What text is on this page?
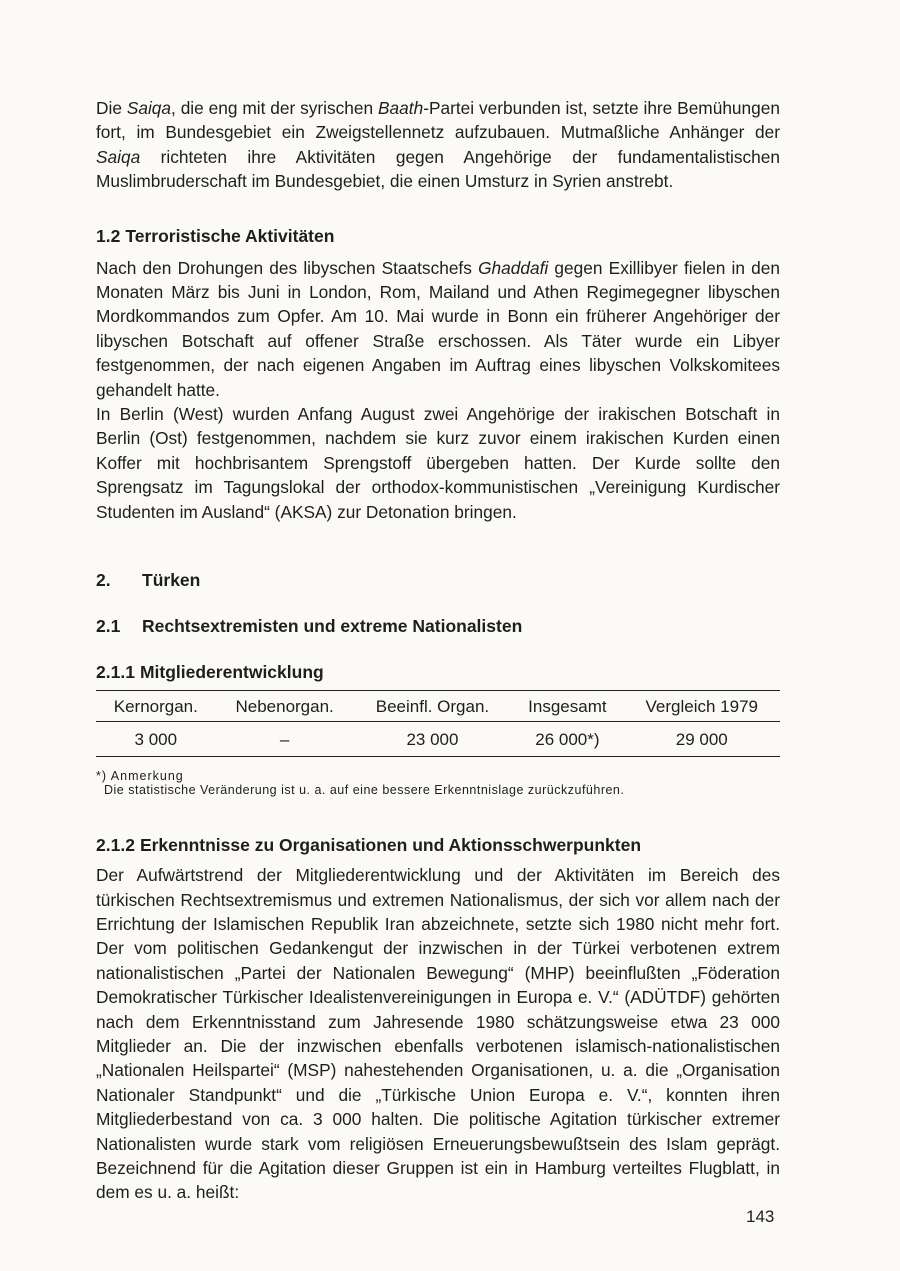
Die Saiqa, die eng mit der syrischen Baath-Partei verbunden ist, setzte ihre Bemühungen fort, im Bundesgebiet ein Zweigstellennetz aufzubauen. Mutmaßliche Anhänger der Saiqa richteten ihre Aktivitäten gegen Angehörige der fundamentalistischen Muslimbruderschaft im Bundesgebiet, die einen Umsturz in Syrien anstrebt.

1.2 Terroristische Aktivitäten

Nach den Drohungen des libyschen Staatschefs Ghaddafi gegen Exillibyer fielen in den Monaten März bis Juni in London, Rom, Mailand und Athen Regimegegner libyschen Mordkommandos zum Opfer. Am 10. Mai wurde in Bonn ein früherer Angehöriger der libyschen Botschaft auf offener Straße erschossen. Als Täter wurde ein Libyer festgenommen, der nach eigenen Angaben im Auftrag eines libyschen Volkskomitees gehandelt hatte.

In Berlin (West) wurden Anfang August zwei Angehörige der irakischen Botschaft in Berlin (Ost) festgenommen, nachdem sie kurz zuvor einem irakischen Kurden einen Koffer mit hochbrisantem Sprengstoff übergeben hatten. Der Kurde sollte den Sprengsatz im Tagungslokal der orthodox-kommunistischen „Vereinigung Kurdischer Studenten im Ausland“ (AKSA) zur Detonation bringen.

2. Türken
2.1 Rechtsextremisten und extreme Nationalisten
2.1.1 Mitgliederentwicklung
Kernorgan.	Nebenorgan.	Beeinfl. Organ.	Insgesamt	Vergleich 1979
3 000	–	23 000	26 000*)	29 000
*) Anmerkung
Die statistische Veränderung ist u. a. auf eine bessere Erkenntnislage zurückzuführen.
2.1.2 Erkenntnisse zu Organisationen und Aktionsschwerpunkten

Der Aufwärtstrend der Mitgliederentwicklung und der Aktivitäten im Bereich des türkischen Rechtsextremismus und extremen Nationalismus, der sich vor allem nach der Errichtung der Islamischen Republik Iran abzeichnete, setzte sich 1980 nicht mehr fort. Der vom politischen Gedankengut der inzwischen in der Türkei verbotenen extrem nationalistischen „Partei der Nationalen Bewegung“ (MHP) beeinflußten „Föderation Demokratischer Türkischer Idealistenvereinigungen in Europa e. V.“ (ADÜTDF) gehörten nach dem Erkenntnisstand zum Jahresende 1980 schätzungsweise etwa 23 000 Mitglieder an. Die der inzwischen ebenfalls verbotenen islamisch-nationalistischen „Nationalen Heilspartei“ (MSP) nahestehenden Organisationen, u. a. die „Organisation Nationaler Standpunkt“ und die „Türkische Union Europa e. V.“, konnten ihren Mitgliederbestand von ca. 3 000 halten. Die politische Agitation türkischer extremer Nationalisten wurde stark vom religiösen Erneuerungsbewußtsein des Islam geprägt. Bezeichnend für die Agitation dieser Gruppen ist ein in Hamburg verteiltes Flugblatt, in dem es u. a. heißt:

143
